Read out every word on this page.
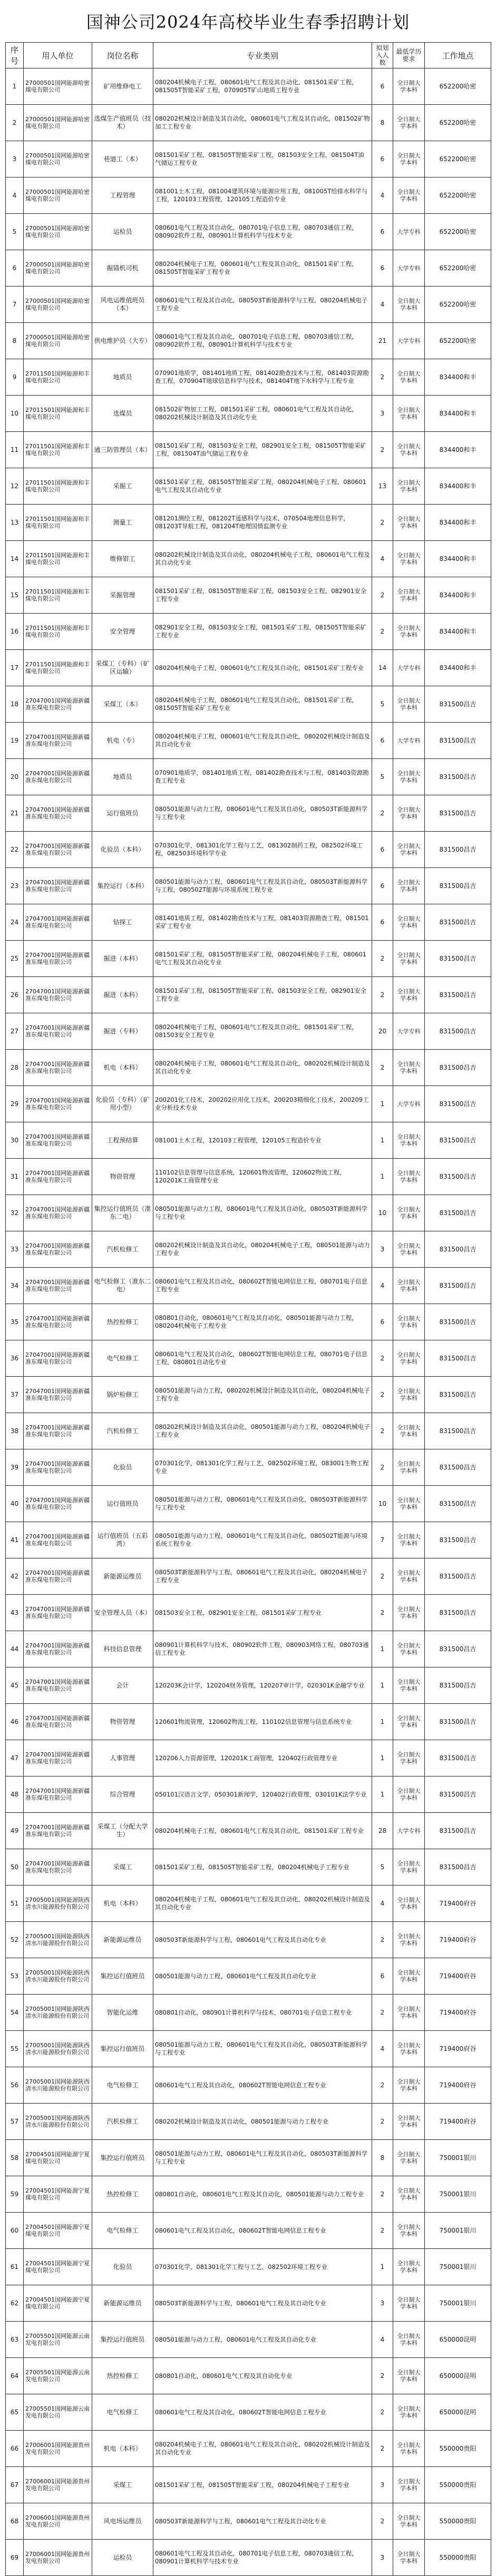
国神公司2024年高校毕业生春季招聘计划
序号	用人单位	岗位名称	专业类别	拟划入人数	最低学历要求	工作地点
1	27000501国网能源哈密煤电有限公司	矿用维修电工	080204机械电子工程，080601电气工程及其自动化，081501采矿工程，081505T智能采矿工程，070905T矿山地质工程专业	6	全日制大学本科	652200哈密
2	27000501国网能源哈密煤电有限公司	选煤生产值班员（技术）	080202机械设计制造及其自动化，080601电气工程及其自动化，081502矿物加工工程专业	8	全日制大学本科	652200哈密
3	27000501国网能源哈密煤电有限公司	巷道工（本）	081501采矿工程，081505T智能采矿工程，081503安全工程，081504T油气储运工程专业	6	全日制大学本科	652200哈密
4	27000501国网能源哈密煤电有限公司	工程管理	081001土木工程，081004建筑环境与能源应用工程，081005T给排水科学与工程，120103工程管理，120105工程造价专业	4	全日制大学本科	652200哈密
5	27000501国网能源哈密煤电有限公司	运检员	080601电气工程及其自动化，080701电子信息工程，080703通信工程，080902软件工程，080901计算机科学与技术专业	6	大学专科	652200哈密
6	27000501国网能源哈密煤电有限公司	掘锚机司机	080204机械电子工程，080601电气工程及其自动化，081501采矿工程，081505T智能采矿工程专业	6	大学专科	652200哈密
7	27000501国网能源哈密煤电有限公司	风电运维值班员（本）	080601电气工程及其自动化，080503T新能源科学与工程，080204机械电子工程专业	4	全日制大学本科	652200哈密
8	27000501国网能源哈密煤电有限公司	供电维护员（大专）	080601电气工程及其自动化，080701电子信息工程，080703通信工程，080902软件工程，080901计算机科学与技术专业	21	大学专科	652200哈密
9	27011501国网能源和丰煤电有限公司	地质员	070901地质学，081401地质工程，081402勘查技术与工程，081403资源勘查工程，070904T地球信息科学与技术，081404T地下水科学与工程专业	2	全日制大学本科	834400和丰
10	27011501国网能源和丰煤电有限公司	选煤员	081502矿物加工工程，081501采矿工程，080601电气工程及其自动化，080202机械设计制造及其自动化专业	3	全日制大学本科	834400和丰
11	27011501国网能源和丰煤电有限公司	通三防管理员（本）	081501采矿工程，081503安全工程，082901安全工程，081505T智能采矿工程，081504T油气储运工程专业	2	全日制大学本科	834400和丰
12	27011501国网能源和丰煤电有限公司	采掘工	081501采矿工程，081505T智能采矿工程，080204机械电子工程，080601电气工程及其自动化专业	13	全日制大学本科	834400和丰
13	27011501国网能源和丰煤电有限公司	测量工	081201测绘工程，081202T遥感科学与技术，070504地理信息科学，081203T导航工程，081204T地理国情监测专业	2	全日制大学本科	834400和丰
14	27011501国网能源和丰煤电有限公司	维修钳工	080202机械设计制造及其自动化，080204机械电子工程，080601电气工程及其自动化专业	4	全日制大学本科	834400和丰
15	27011501国网能源和丰煤电有限公司	采掘管理	081501采矿工程，081505T智能采矿工程，081503安全工程，082901安全工程专业	2	全日制大学本科	834400和丰
16	27011501国网能源和丰煤电有限公司	安全管理	082901安全工程，081503安全工程，081501采矿工程，081505T智能采矿工程专业	2	全日制大学本科	834400和丰
17	27011501国网能源和丰煤电有限公司	采煤工（专科）（矿区运输）	080204机械电子工程，080601电气工程及其自动化，081501采矿工程专业	14	大学专科	834400和丰
18	27047001国网能源新疆准东煤电有限公司	采煤工（本）	080204机械电子工程，080601电气工程及其自动化，081501采矿工程，081505T智能采矿工程专业	5	全日制大学本科	831500昌吉
19	27047001国网能源新疆准东煤电有限公司	机电（专）	080204机械电子工程，080601电气工程及其自动化，080202机械设计制造及其自动化专业	6	大学专科	831500昌吉
20	27047001国网能源新疆准东煤电有限公司	地质员	070901地质学，081401地质工程，081402勘查技术与工程，081403资源勘查工程专业	5	全日制大学本科	831500昌吉
21	27047001国网能源新疆准东煤电有限公司	运行值班员	080501能源与动力工程，080601电气工程及其自动化，080503T新能源科学与工程专业	2	全日制大学本科	831500昌吉
22	27047001国网能源新疆准东煤电有限公司	化验员（本科）	070301化学，081301化学工程与工艺，081302制药工程，082502环境工程，082503环境科学专业	6	全日制大学本科	831500昌吉
23	27047001国网能源新疆准东煤电有限公司	集控运行（本科）	080501能源与动力工程，080601电气工程及其自动化，080503T新能源科学与工程，080502T能源与环境系统工程专业	6	全日制大学本科	831500昌吉
24	27047001国网能源新疆准东煤电有限公司	钻探工	081401地质工程，081402勘查技术与工程，081403资源勘查工程，081501采矿工程专业	6	全日制大学本科	831500昌吉
25	27047001国网能源新疆准东煤电有限公司	掘进（本科）	081501采矿工程，081505T智能采矿工程，080204机械电子工程，080601电气工程及其自动化专业	2	全日制大学本科	831500昌吉
26	27047001国网能源新疆准东煤电有限公司	掘进（本科）	081501采矿工程，081505T智能采矿工程，081503安全工程，082901安全工程专业	2	全日制大学本科	831500昌吉
27	27047001国网能源新疆准东煤电有限公司	掘进（专科）	080204机械电子工程，080601电气工程及其自动化，081501采矿工程，081503安全工程专业	20	大学专科	831500昌吉
28	27047001国网能源新疆准东煤电有限公司	机电（本科）	080204机械电子工程，080601电气工程及其自动化，080202机械设计制造及其自动化专业	2	全日制大学本科	831500昌吉
29	27047001国网能源新疆准东煤电有限公司	化验员（专科）（矿用小型）	200201化工技术，200202应用化工技术，200203精细化工技术，200209工业分析技术专业	1	大学专科	831500昌吉
30	27047001国网能源新疆准东煤电有限公司	工程预结算	081001土木工程，120103工程管理，120105工程造价专业	1	全日制大学本科	831500昌吉
31	27047001国网能源新疆准东煤电有限公司	物资管理	110102信息管理与信息系统，120601物流管理，120602物流工程，120201K工商管理专业	1	全日制大学本科	831500昌吉
32	27047001国网能源新疆准东煤电有限公司	集控运行值班员（准东二电）	080501能源与动力工程，080601电气工程及其自动化，080503T新能源科学与工程专业	10	全日制大学本科	831500昌吉
33	27047001国网能源新疆准东煤电有限公司	汽机检修工	080202机械设计制造及其自动化，080204机械电子工程，080501能源与动力工程专业	3	全日制大学本科	831500昌吉
34	27047001国网能源新疆准东煤电有限公司	电气检修工（准东二电）	080601电气工程及其自动化，080602T智能电网信息工程，080701电子信息工程专业	4	全日制大学本科	831500昌吉
35	27047001国网能源新疆准东煤电有限公司	热控检修工	080801自动化，080601电气工程及其自动化，080501能源与动力工程，080204机械电子工程专业	6	全日制大学本科	831500昌吉
36	27047001国网能源新疆准东煤电有限公司	电气检修工	080601电气工程及其自动化，080602T智能电网信息工程，080701电子信息工程，080801自动化专业	2	全日制大学本科	831500昌吉
37	27047001国网能源新疆准东煤电有限公司	锅炉检修工	080501能源与动力工程，080202机械设计制造及其自动化，080204机械电子工程专业	2	全日制大学本科	831500昌吉
38	27047001国网能源新疆准东煤电有限公司	汽机检修工	080202机械设计制造及其自动化，080501能源与动力工程，080204机械电子工程专业	2	全日制大学本科	831500昌吉
39	27047001国网能源新疆准东煤电有限公司	化验员	070301化学，081301化学工程与工艺，082502环境工程，083001生物工程专业	2	全日制大学本科	831500昌吉
40	27047001国网能源新疆准东煤电有限公司	运行值班员	080501能源与动力工程，080601电气工程及其自动化，080503T新能源科学与工程专业	10	全日制大学本科	831500昌吉
41	27047001国网能源新疆准东煤电有限公司	运行值班员（五彩湾）	080501能源与动力工程，080601电气工程及其自动化，080502T能源与环境系统工程专业	7	全日制大学本科	831500昌吉
42	27047001国网能源新疆准东煤电有限公司	新能源运维员	080503T新能源科学与工程，080601电气工程及其自动化，080204机械电子工程专业	2	全日制大学本科	831500昌吉
43	27047001国网能源新疆准东煤电有限公司	安全管理人员（本）	081503安全工程，082901安全工程，081501采矿工程专业	2	全日制大学本科	831500昌吉
44	27047001国网能源新疆准东煤电有限公司	科技信息管理	080901计算机科学与技术，080902软件工程，080903网络工程，080703通信工程专业	1	全日制大学本科	831500昌吉
45	27047001国网能源新疆准东煤电有限公司	会计	120203K会计学，120204财务管理，120207审计学，020301K金融学专业	1	全日制大学本科	831500昌吉
46	27047001国网能源新疆准东煤电有限公司	物资管理	120601物流管理，120602物流工程，110102信息管理与信息系统专业	1	全日制大学本科	831500昌吉
47	27047001国网能源新疆准东煤电有限公司	人事管理	120206人力资源管理，120201K工商管理，120402行政管理专业	1	全日制大学本科	831500昌吉
48	27047001国网能源新疆准东煤电有限公司	综合管理	050101汉语言文学，050301新闻学，120402行政管理，030101K法学专业	1	全日制大学本科	831500昌吉
49	27047001国网能源新疆准东煤电有限公司	采煤工（分配大学生）	080204机械电子工程，080601电气工程及其自动化，081501采矿工程专业	28	大学专科	831500昌吉
50	27047001国网能源新疆准东煤电有限公司	采煤工	081501采矿工程，081505T智能采矿工程，080204机械电子工程专业	5	全日制大学本科	831500昌吉
51	27005001国网能源陕西清水川能源股份有限公司	机电（本科）	080204机械电子工程，080601电气工程及其自动化，080202机械设计制造及其自动化专业	4	全日制大学本科	719400府谷
52	27005001国网能源陕西清水川能源股份有限公司	新能源运维员	080503T新能源科学与工程，080601电气工程及其自动化专业	2	全日制大学本科	719400府谷
53	27005001国网能源陕西清水川能源股份有限公司	集控运行值班员	080501能源与动力工程，080601电气工程及其自动化专业	6	全日制大学本科	719400府谷
54	27005001国网能源陕西清水川能源股份有限公司	智能化运维	080801自动化，080901计算机科学与技术，080701电子信息工程专业	2	全日制大学本科	719400府谷
55	27005001国网能源陕西清水川能源股份有限公司	集控运行值班员	080501能源与动力工程，080601电气工程及其自动化，080503T新能源科学与工程专业	4	全日制大学本科	719400府谷
56	27005001国网能源陕西清水川能源股份有限公司	电气检修工	080601电气工程及其自动化，080602T智能电网信息工程专业	2	全日制大学本科	719400府谷
57	27005001国网能源陕西清水川能源股份有限公司	汽机检修工	080202机械设计制造及其自动化，080501能源与动力工程专业	2	全日制大学本科	719400府谷
58	27004501国网能源宁夏煤电有限公司	集控运行值班员	080501能源与动力工程，080601电气工程及其自动化，080503T新能源科学与工程专业	8	全日制大学本科	750001银川
59	27004501国网能源宁夏煤电有限公司	热控检修工	080801自动化，080601电气工程及其自动化，080501能源与动力工程专业	2	全日制大学本科	750001银川
60	27004501国网能源宁夏煤电有限公司	电气检修工	080601电气工程及其自动化，080602T智能电网信息工程专业	2	全日制大学本科	750001银川
61	27004501国网能源宁夏煤电有限公司	化验员	070301化学，081301化学工程与工艺，082502环境工程专业	1	全日制大学本科	750001银川
62	27004501国网能源宁夏煤电有限公司	新能源运维员	080503T新能源科学与工程，080601电气工程及其自动化专业	3	全日制大学本科	750001银川
63	27005501国网能源云南发电有限公司	集控运行值班员	080501能源与动力工程，080601电气工程及其自动化专业	4	全日制大学本科	650000昆明
64	27005501国网能源云南发电有限公司	热控检修工	080801自动化，080601电气工程及其自动化专业	2	全日制大学本科	650000昆明
65	27005501国网能源云南发电有限公司	电气检修工	080601电气工程及其自动化，080602T智能电网信息工程专业	2	全日制大学本科	650000昆明
66	27006001国网能源贵州发电有限公司	机电（本科）	080204机械电子工程，080601电气工程及其自动化，080202机械设计制造及其自动化专业	2	全日制大学本科	550000贵阳
67	27006001国网能源贵州发电有限公司	采煤工	081501采矿工程，081505T智能采矿工程，080204机械电子工程专业	3	全日制大学本科	550000贵阳
68	27006001国网能源贵州发电有限公司	风电场运维员	080503T新能源科学与工程，080601电气工程及其自动化专业	2	全日制大学本科	550000贵阳
69	27006001国网能源贵州发电有限公司	运检员	080601电气工程及其自动化，080701电子信息工程，080703通信工程，080901计算机科学与技术专业	3	全日制大学本科	550000贵阳
